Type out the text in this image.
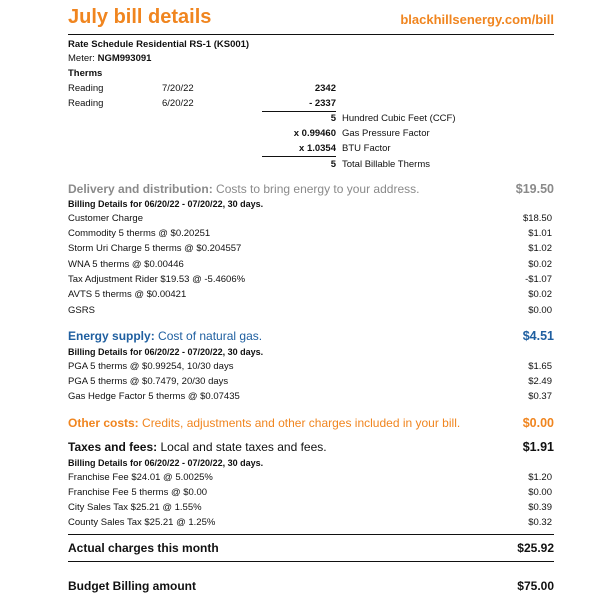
July bill details	blackhillsenergy.com/bill
Rate Schedule Residential RS-1 (KS001)
Meter: NGM993091
Therms
Reading	7/20/22	2342
Reading	6/20/22	- 2337
5 Hundred Cubic Feet (CCF)
x 0.99460 Gas Pressure Factor
x 1.0354 BTU Factor
5 Total Billable Therms
Delivery and distribution: Costs to bring energy to your address.	$19.50
Billing Details for 06/20/22 - 07/20/22, 30 days.
Customer Charge	$18.50
Commodity 5 therms @ $0.20251	$1.01
Storm Uri Charge 5 therms @ $0.204557	$1.02
WNA 5 therms @ $0.00446	$0.02
Tax Adjustment Rider $19.53 @ -5.4606%	-$1.07
AVTS 5 therms @ $0.00421	$0.02
GSRS	$0.00
Energy supply: Cost of natural gas.	$4.51
Billing Details for 06/20/22 - 07/20/22, 30 days.
PGA 5 therms @ $0.99254, 10/30 days	$1.65
PGA 5 therms @ $0.7479, 20/30 days	$2.49
Gas Hedge Factor 5 therms @ $0.07435	$0.37
Other costs: Credits, adjustments and other charges included in your bill.	$0.00
Taxes and fees: Local and state taxes and fees.	$1.91
Billing Details for 06/20/22 - 07/20/22, 30 days.
Franchise Fee $24.01 @ 5.0025%	$1.20
Franchise Fee 5 therms @ $0.00	$0.00
City Sales Tax $25.21 @ 1.55%	$0.39
County Sales Tax $25.21 @ 1.25%	$0.32
Actual charges this month	$25.92
Budget Billing amount	$75.00
